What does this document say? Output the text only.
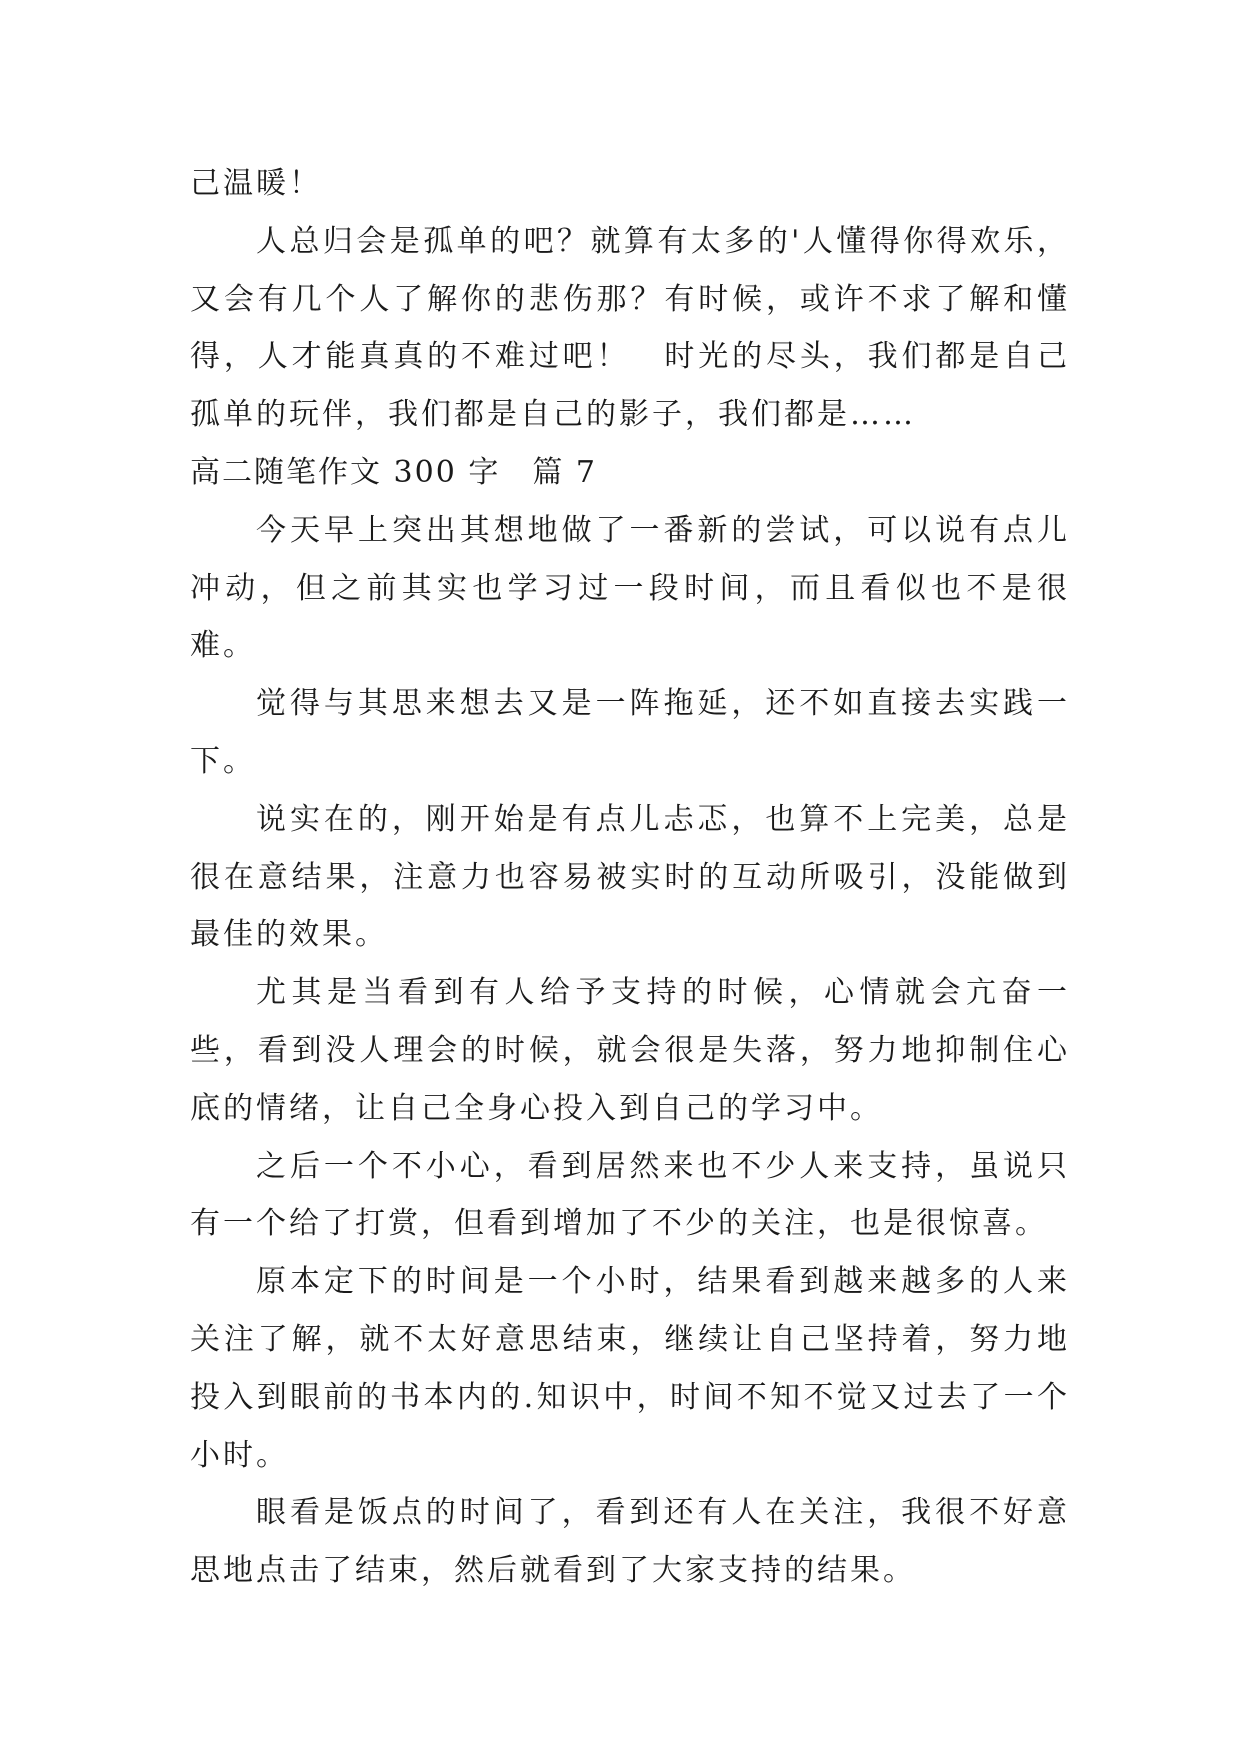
己温暖！

人总归会是孤单的吧？就算有太多的'人懂得你得欢乐，又会有几个人了解你的悲伤那？有时候，或许不求了解和懂得，人才能真真的不难过吧！　时光的尽头，我们都是自己孤单的玩伴，我们都是自己的影子，我们都是……

高二随笔作文 300 字　篇 7

今天早上突出其想地做了一番新的尝试，可以说有点儿冲动，但之前其实也学习过一段时间，而且看似也不是很难。

觉得与其思来想去又是一阵拖延，还不如直接去实践一下。

说实在的，刚开始是有点儿忐忑，也算不上完美，总是很在意结果，注意力也容易被实时的互动所吸引，没能做到最佳的效果。

尤其是当看到有人给予支持的时候，心情就会亢奋一些，看到没人理会的时候，就会很是失落，努力地抑制住心底的情绪，让自己全身心投入到自己的学习中。

之后一个不小心，看到居然来也不少人来支持，虽说只有一个给了打赏，但看到增加了不少的关注，也是很惊喜。

原本定下的时间是一个小时，结果看到越来越多的人来关注了解，就不太好意思结束，继续让自己坚持着，努力地投入到眼前的书本内的.知识中，时间不知不觉又过去了一个小时。

眼看是饭点的时间了，看到还有人在关注，我很不好意思地点击了结束，然后就看到了大家支持的结果。
